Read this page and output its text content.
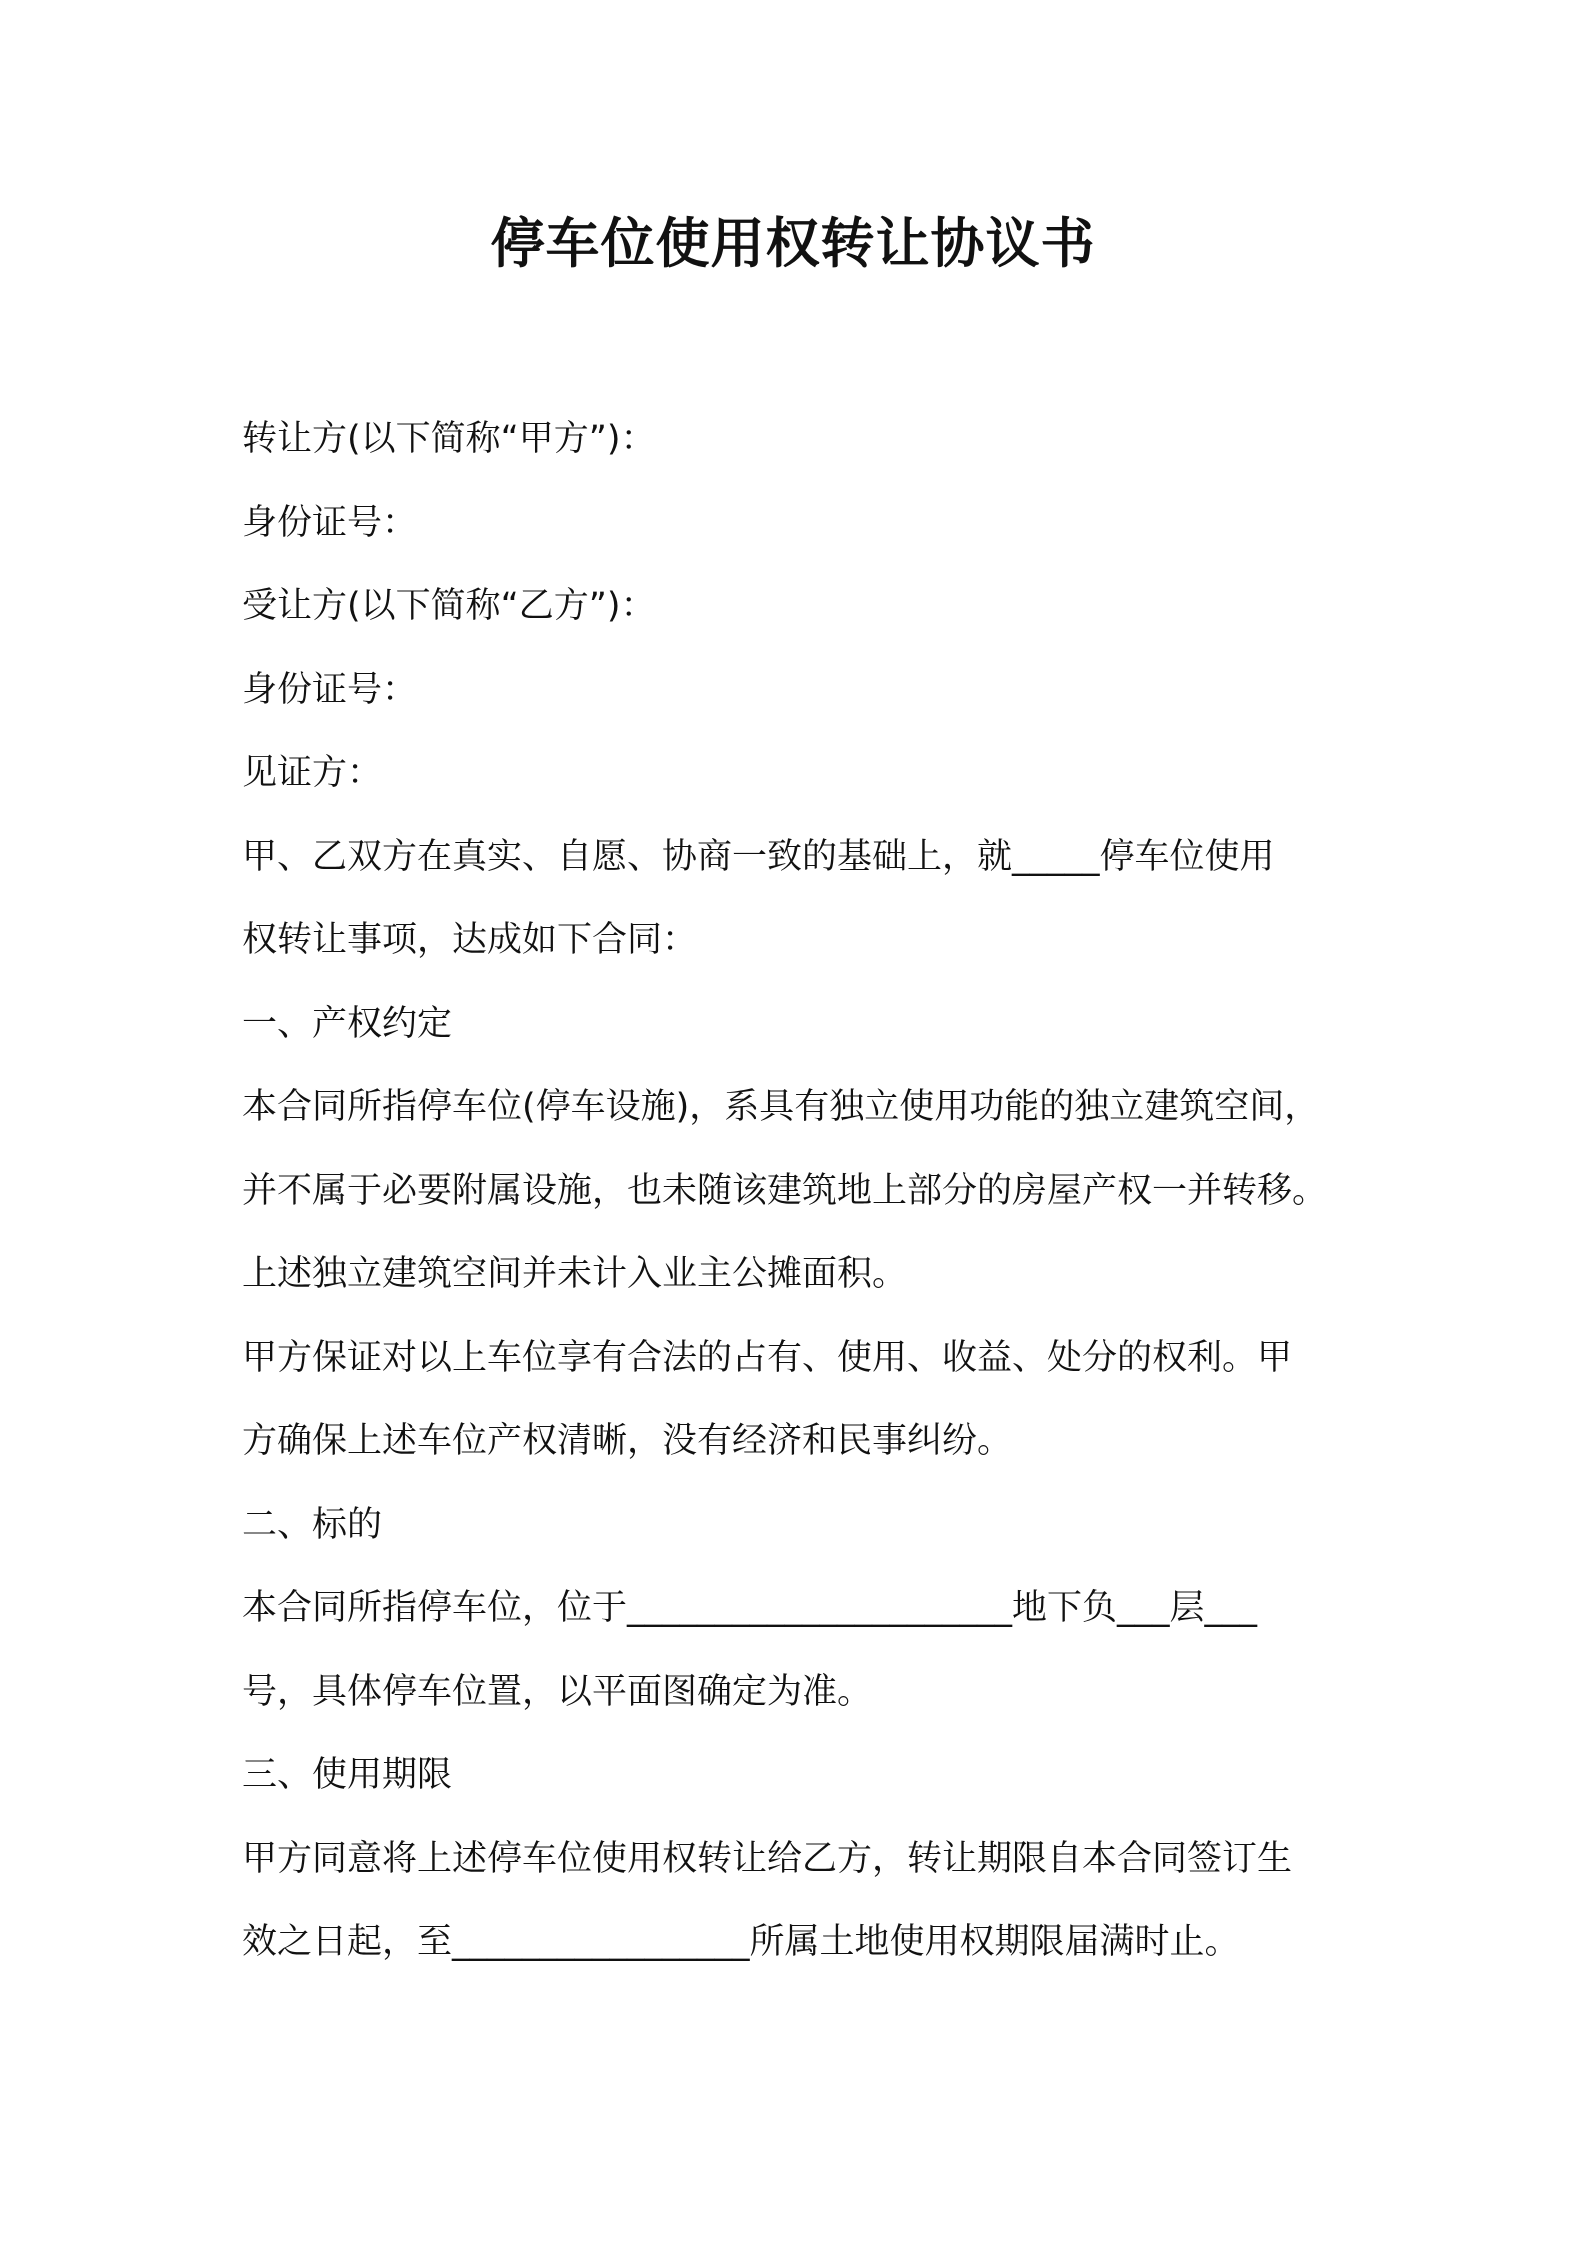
停车位使用权转让协议书

转让方(以下简称“甲方”)：

身份证号：

受让方(以下简称“乙方”)：

身份证号：

见证方：

甲、乙双方在真实、自愿、协商一致的基础上，就_____停车位使用

权转让事项，达成如下合同：

一、产权约定

本合同所指停车位(停车设施)，系具有独立使用功能的独立建筑空间，

并不属于必要附属设施，也未随该建筑地上部分的房屋产权一并转移。

上述独立建筑空间并未计入业主公摊面积。

甲方保证对以上车位享有合法的占有、使用、收益、处分的权利。甲

方确保上述车位产权清晰，没有经济和民事纠纷。

二、标的

本合同所指停车位，位于______________________地下负___层___

号，具体停车位置，以平面图确定为准。

三、使用期限

甲方同意将上述停车位使用权转让给乙方，转让期限自本合同签订生

效之日起，至_________________所属土地使用权期限届满时止。
